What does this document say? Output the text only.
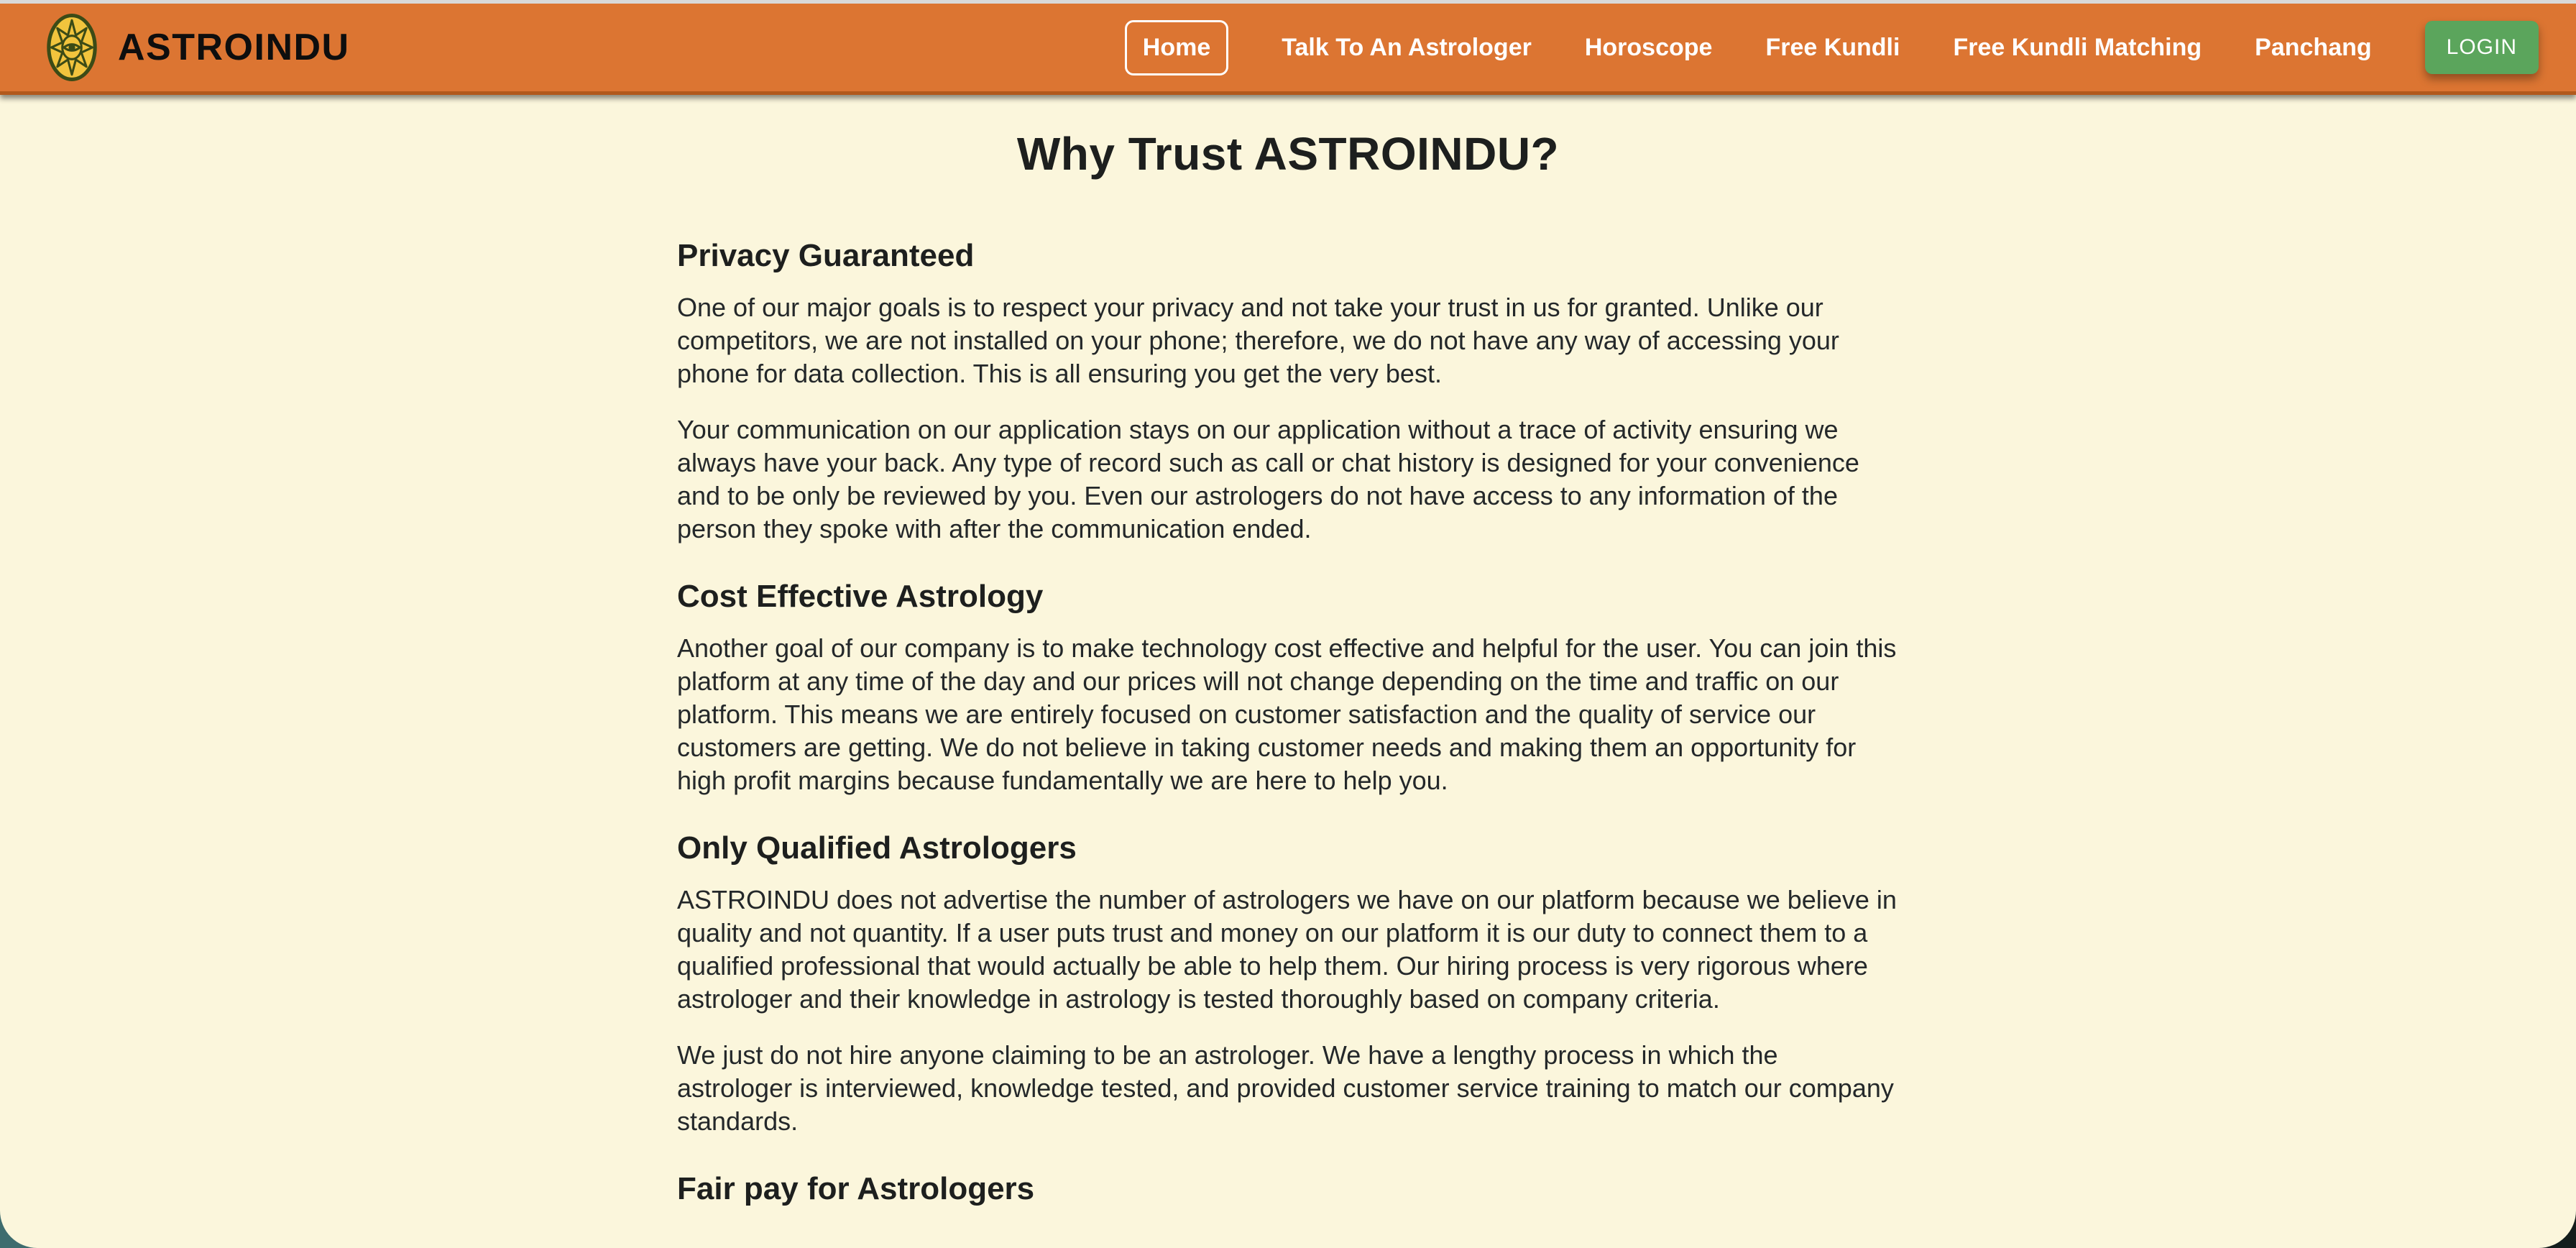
Why Trust ASTROINDU?
Privacy Guaranteed

One of our major goals is to respect your privacy and not take your trust in us for granted. Unlike our competitors, we are not installed on your phone; therefore, we do not have any way of accessing your phone for data collection. This is all ensuring you get the very best.

Your communication on our application stays on our application without a trace of activity ensuring we always have your back. Any type of record such as call or chat history is designed for your convenience and to be only be reviewed by you. Even our astrologers do not have access to any information of the person they spoke with after the communication ended.

Cost Effective Astrology

Another goal of our company is to make technology cost effective and helpful for the user. You can join this platform at any time of the day and our prices will not change depending on the time and traffic on our platform. This means we are entirely focused on customer satisfaction and the quality of service our customers are getting. We do not believe in taking customer needs and making them an opportunity for high profit margins because fundamentally we are here to help you.

Only Qualified Astrologers

ASTROINDU does not advertise the number of astrologers we have on our platform because we believe in quality and not quantity. If a user puts trust and money on our platform it is our duty to connect them to a qualified professional that would actually be able to help them. Our hiring process is very rigorous where astrologer and their knowledge in astrology is tested thoroughly based on company criteria.

We just do not hire anyone claiming to be an astrologer. We have a lengthy process in which the astrologer is interviewed, knowledge tested, and provided customer service training to match our company standards.

Fair pay for Astrologers
ASTROINDU	Home	Talk To An Astrologer Horoscope Free Kundli Free Kundli Matching Panchang	LOGIN
